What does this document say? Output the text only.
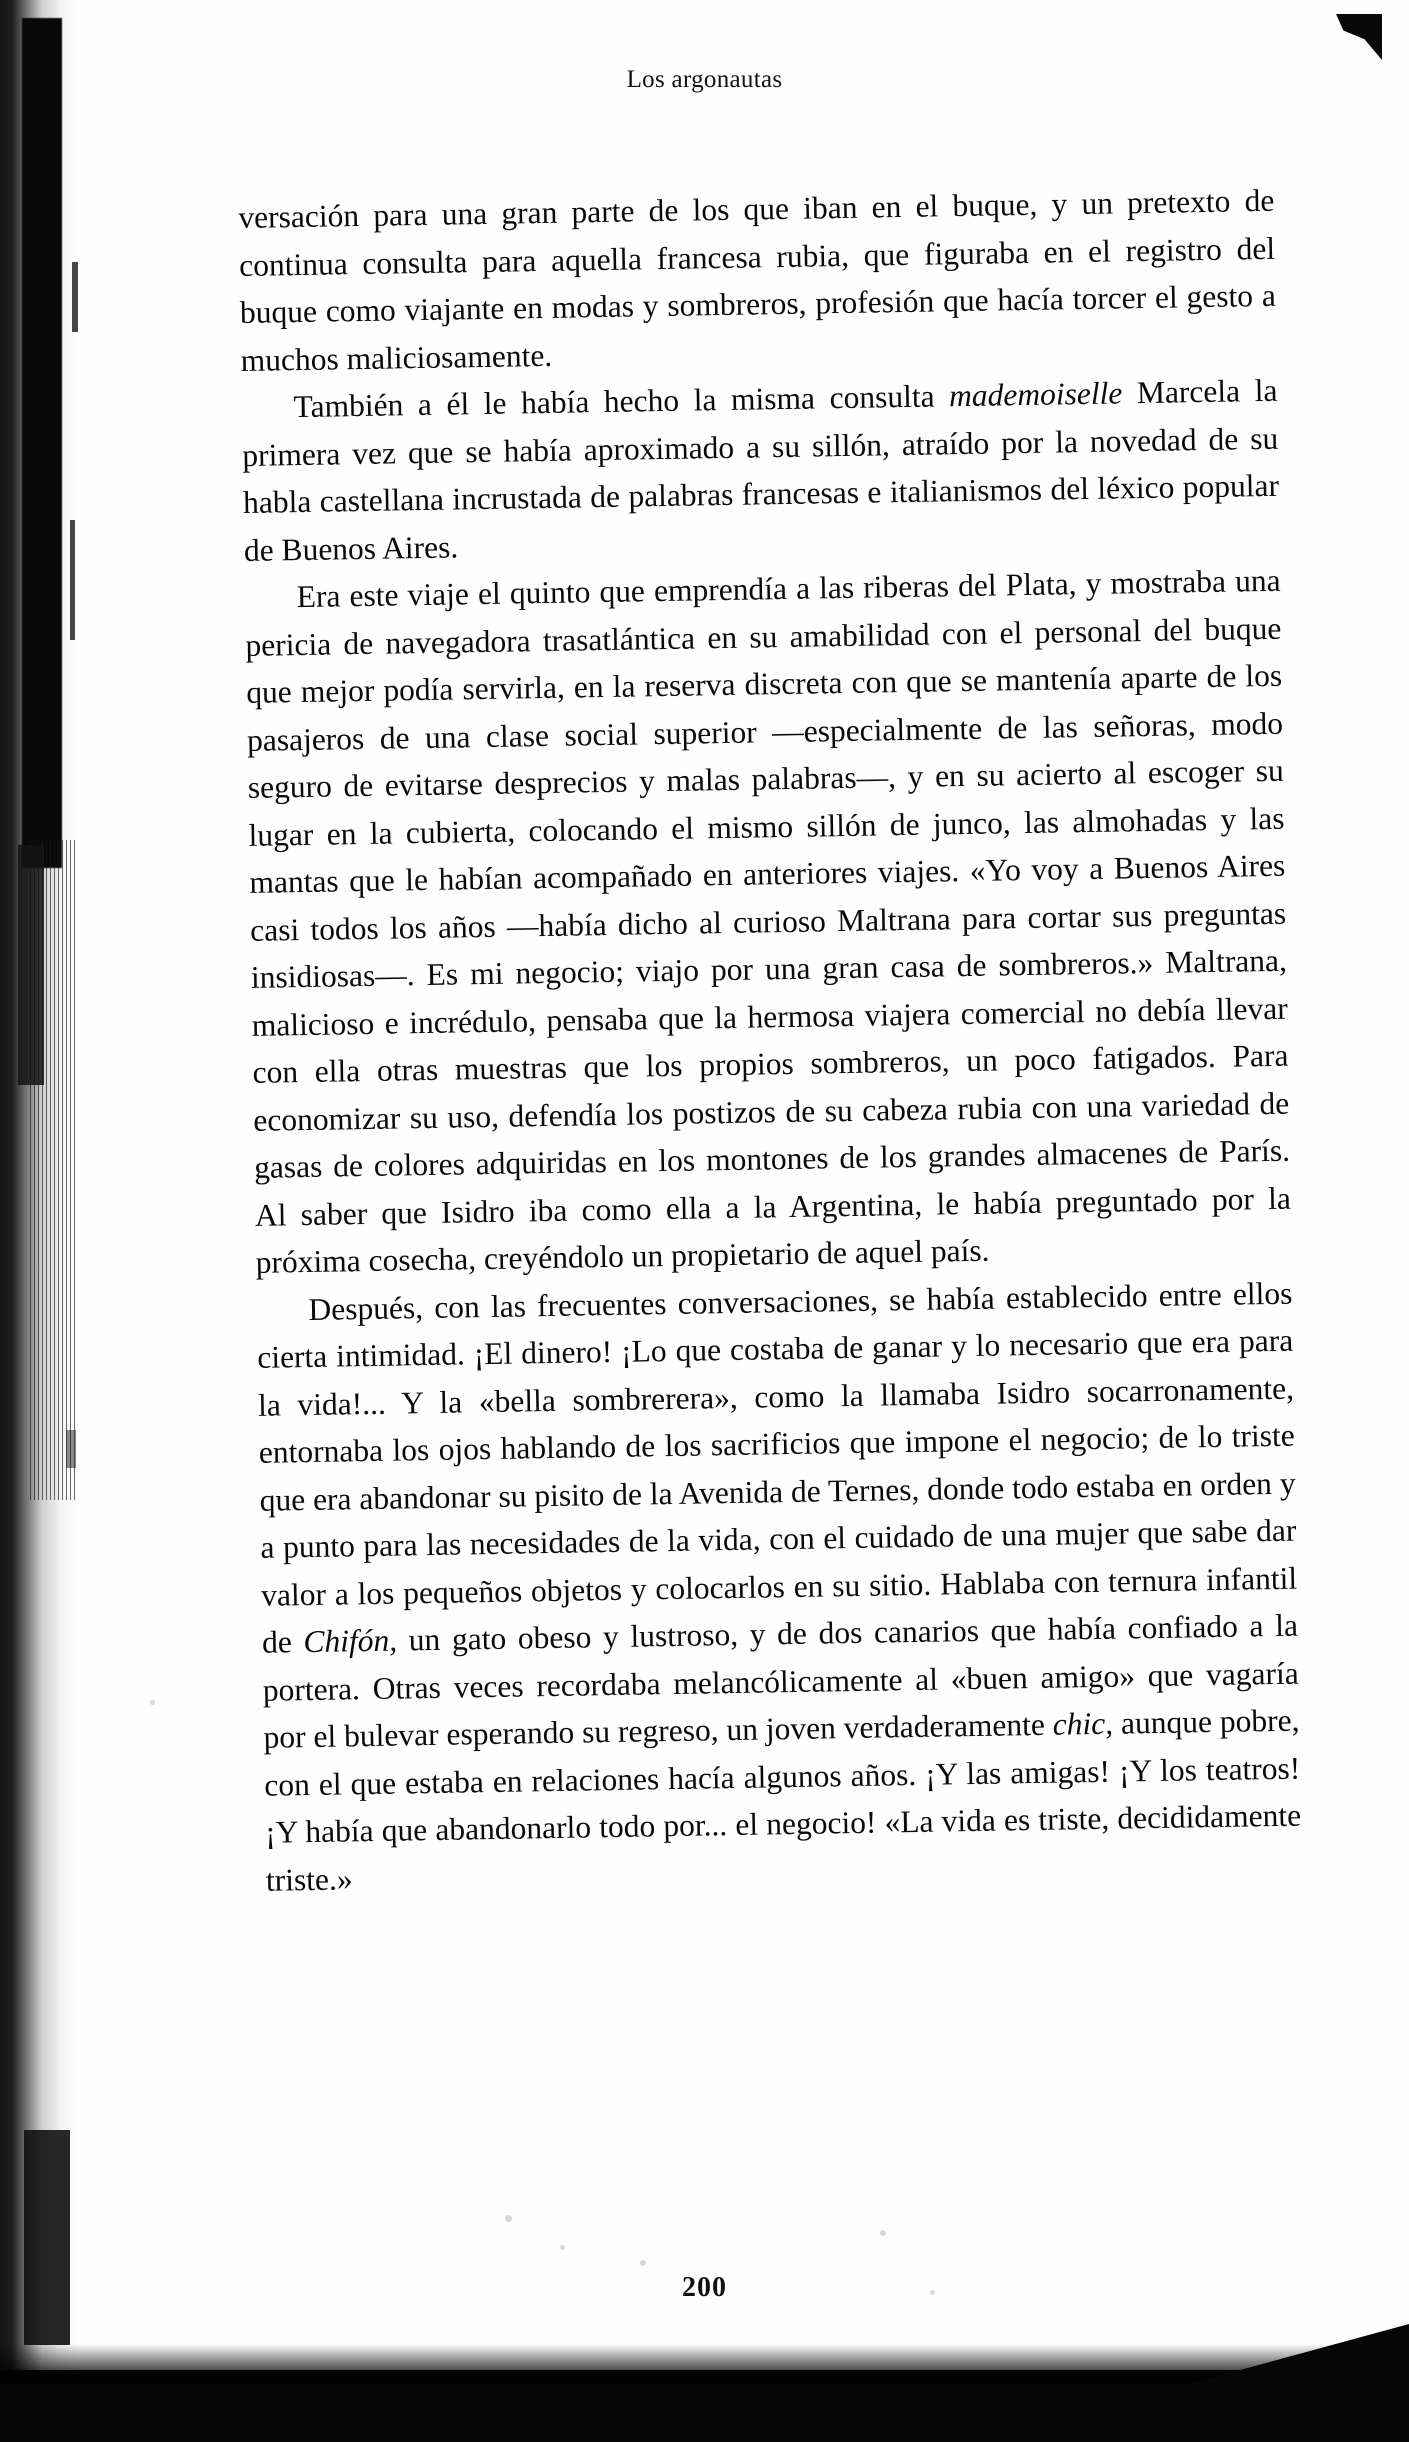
Los argonautas

versación para una gran parte de los que iban en el buque, y un pretexto de continua consulta para aquella francesa rubia, que figuraba en el registro del buque como viajante en modas y sombreros, profesión que hacía torcer el gesto a muchos maliciosamente.

También a él le había hecho la misma consulta mademoiselle Marcela la primera vez que se había aproximado a su sillón, atraído por la novedad de su habla castellana incrustada de palabras francesas e italianismos del léxico popular de Buenos Aires.

Era este viaje el quinto que emprendía a las riberas del Plata, y mostraba una pericia de navegadora trasatlántica en su amabilidad con el personal del buque que mejor podía servirla, en la reserva discreta con que se mantenía aparte de los pasajeros de una clase social superior —especialmente de las señoras, modo seguro de evitarse desprecios y malas palabras—, y en su acierto al escoger su lugar en la cubierta, colocando el mismo sillón de junco, las almohadas y las mantas que le habían acompañado en anteriores viajes. «Yo voy a Buenos Aires casi todos los años —había dicho al curioso Maltrana para cortar sus preguntas insidiosas—. Es mi negocio; viajo por una gran casa de sombreros.» Maltrana, malicioso e incrédulo, pensaba que la hermosa viajera comercial no debía llevar con ella otras muestras que los propios sombreros, un poco fatigados. Para economizar su uso, defendía los postizos de su cabeza rubia con una variedad de gasas de colores adquiridas en los montones de los grandes almacenes de París. Al saber que Isidro iba como ella a la Argentina, le había preguntado por la próxima cosecha, creyéndolo un propietario de aquel país.

Después, con las frecuentes conversaciones, se había establecido entre ellos cierta intimidad. ¡El dinero! ¡Lo que costaba de ganar y lo necesario que era para la vida!... Y la «bella sombrerera», como la llamaba Isidro socarronamente, entornaba los ojos hablando de los sacrificios que impone el negocio; de lo triste que era abandonar su pisito de la Avenida de Ternes, donde todo estaba en orden y a punto para las necesidades de la vida, con el cuidado de una mujer que sabe dar valor a los pequeños objetos y colocarlos en su sitio. Hablaba con ternura infantil de Chifón, un gato obeso y lustroso, y de dos canarios que había confiado a la portera. Otras veces recordaba melancólicamente al «buen amigo» que vagaría por el bulevar esperando su regreso, un joven verdaderamente chic, aunque pobre, con el que estaba en relaciones hacía algunos años. ¡Y las amigas! ¡Y los teatros! ¡Y había que abandonarlo todo por... el negocio! «La vida es triste, decididamente triste.»

200
